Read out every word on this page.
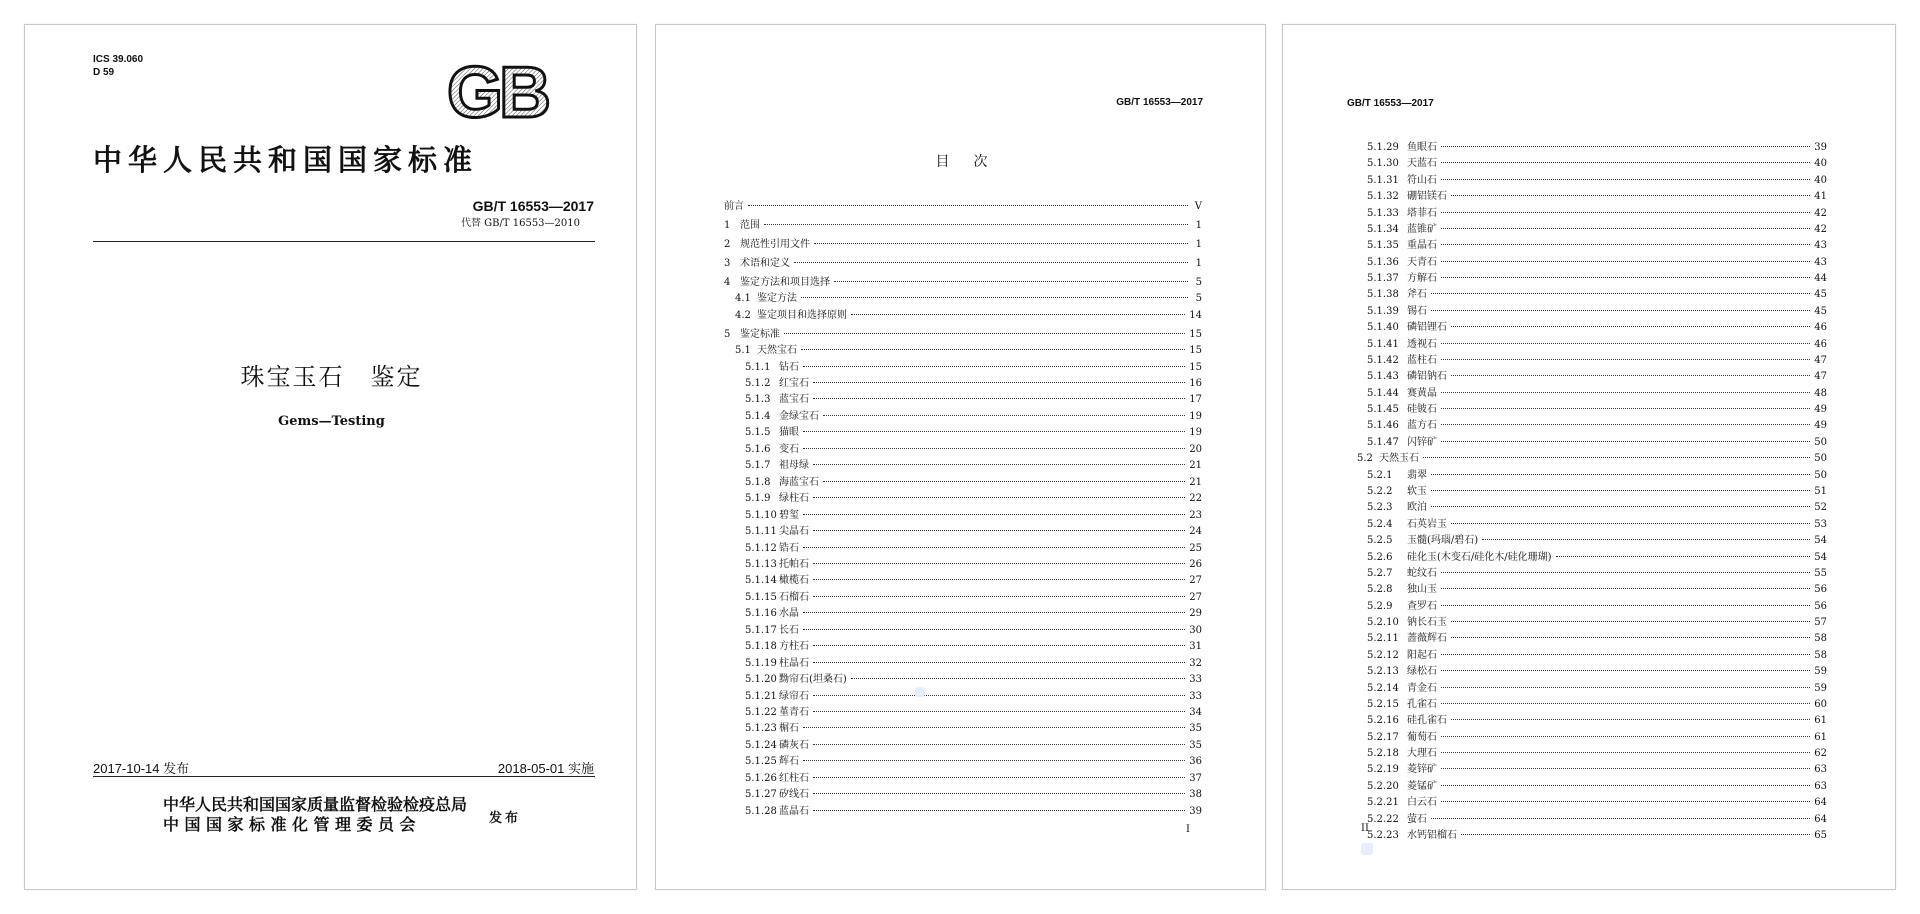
ICS 39.060
D 59	GB
中华人民共和国国家标准
GB/T 16553—2017
代替 GB/T 16553—2010
珠宝玉石　鉴定
Gems—Testing
2017-10-14 发布	2018-05-01 实施
中华人民共和国国家质量监督检验检疫总局
中国国家标准化管理委员会	发布
GB/T 16553—2017
目次
前言	V
1 范围	1
2 规范性引用文件	1
3 术语和定义	1
4 鉴定方法和项目选择	5
4.1 鉴定方法	5
4.2 鉴定项目和选择原则	14
5 鉴定标准	15
5.1 天然宝石	15
5.1.1 钻石	15
5.1.2 红宝石	16
5.1.3 蓝宝石	17
5.1.4 金绿宝石	19
5.1.5 猫眼	19
5.1.6 变石	20
5.1.7 祖母绿	21
5.1.8 海蓝宝石	21
5.1.9 绿柱石	22
5.1.10 碧玺	23
5.1.11 尖晶石	24
5.1.12 锆石	25
5.1.13 托帕石	26
5.1.14 橄榄石	27
5.1.15 石榴石	27
5.1.16 水晶	29
5.1.17 长石	30
5.1.18 方柱石	31
5.1.19 柱晶石	32
5.1.20 黝帘石(坦桑石)	33
5.1.21 绿帘石	33
5.1.22 堇青石	34
5.1.23 榍石	35
5.1.24 磷灰石	35
5.1.25 辉石	36
5.1.26 红柱石	37
5.1.27 矽线石	38
5.1.28 蓝晶石	39
I
GB/T 16553—2017
5.1.29 鱼眼石	39
5.1.30 天蓝石	40
5.1.31 符山石	40
5.1.32 硼铝镁石	41
5.1.33 塔菲石	42
5.1.34 蓝锥矿	42
5.1.35 重晶石	43
5.1.36 天青石	43
5.1.37 方解石	44
5.1.38 斧石	45
5.1.39 锡石	45
5.1.40 磷铝锂石	46
5.1.41 透视石	46
5.1.42 蓝柱石	47
5.1.43 磷铝钠石	47
5.1.44 赛黄晶	48
5.1.45 硅铍石	49
5.1.46 蓝方石	49
5.1.47 闪锌矿	50
5.2 天然玉石	50
5.2.1	翡翠	50
5.2.2	软玉	51
5.2.3	欧泊	52
5.2.4	石英岩玉	53
5.2.5	玉髓(玛瑙/碧石)	54
5.2.6	硅化玉(木变石/硅化木/硅化珊瑚)	54
5.2.7	蛇纹石	55
5.2.8	独山玉	56
5.2.9	查罗石	56
5.2.10 钠长石玉	57
5.2.11 蔷薇辉石	58
5.2.12 阳起石	58
5.2.13 绿松石	59
5.2.14 青金石	59
5.2.15 孔雀石	60
5.2.16 硅孔雀石	61
5.2.17 葡萄石	61
5.2.18 大理石	62
5.2.19 菱锌矿	63
5.2.20 菱锰矿	63
5.2.21 白云石	64
5.2.22 萤石	64
5.2.23 水钙铝榴石	65
II
